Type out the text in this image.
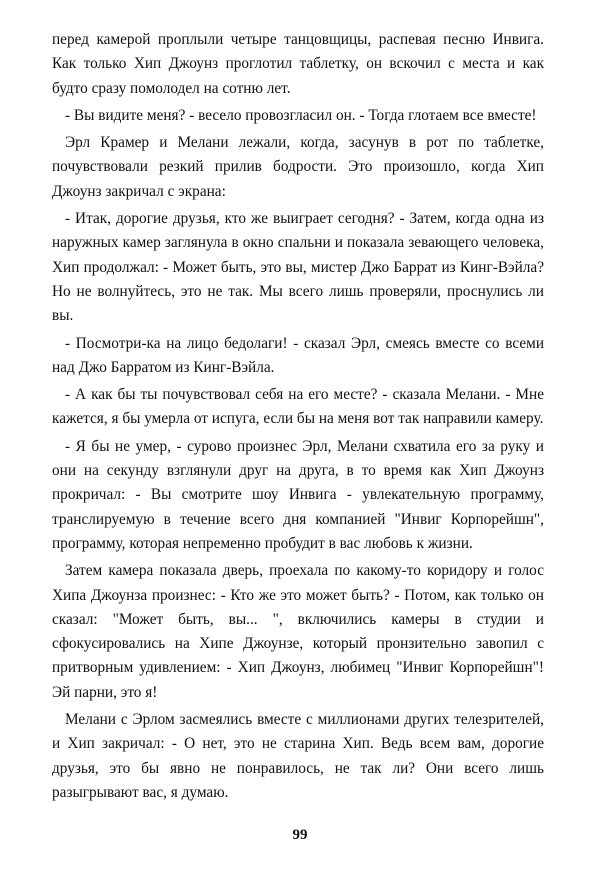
перед камерой проплыли четыре танцовщицы, распевая песню Инвига. Как только Хип Джоунз проглотил таблетку, он вскочил с места и как будто сразу помолодел на сотню лет.

- Вы видите меня? - весело провозгласил он. - Тогда глотаем все вместе!

Эрл Крамер и Мелани лежали, когда, засунув в рот по таблетке, почувствовали резкий прилив бодрости. Это произошло, когда Хип Джоунз закричал с экрана:

- Итак, дорогие друзья, кто же выиграет сегодня? - Затем, когда одна из наружных камер заглянула в окно спальни и показала зевающего человека, Хип продолжал: - Может быть, это вы, мистер Джо Баррат из Кинг-Вэйла? Но не волнуйтесь, это не так. Мы всего лишь проверяли, проснулись ли вы.

- Посмотри-ка на лицо бедолаги! - сказал Эрл, смеясь вместе со всеми над Джо Барратом из Кинг-Вэйла.

- А как бы ты почувствовал себя на его месте? - сказала Мелани. - Мне кажется, я бы умерла от испуга, если бы на меня вот так направили камеру.

- Я бы не умер, - сурово произнес Эрл, Мелани схватила его за руку и они на секунду взглянули друг на друга, в то время как Хип Джоунз прокричал: - Вы смотрите шоу Инвига - увлекательную программу, транслируемую в течение всего дня компанией "Инвиг Корпорейшн", программу, которая непременно пробудит в вас любовь к жизни.

Затем камера показала дверь, проехала по какому-то коридору и голос Хипа Джоунза произнес: - Кто же это может быть? - Потом, как только он сказал: "Может быть, вы... ", включились камеры в студии и сфокусировались на Хипе Джоунзе, который пронзительно завопил с притворным удивлением: - Хип Джоунз, любимец "Инвиг Корпорейшн"! Эй парни, это я!

Мелани с Эрлом засмеялись вместе с миллионами других телезрителей, и Хип закричал: - О нет, это не старина Хип. Ведь всем вам, дорогие друзья, это бы явно не понравилось, не так ли? Они всего лишь разыгрывают вас, я думаю.

99
